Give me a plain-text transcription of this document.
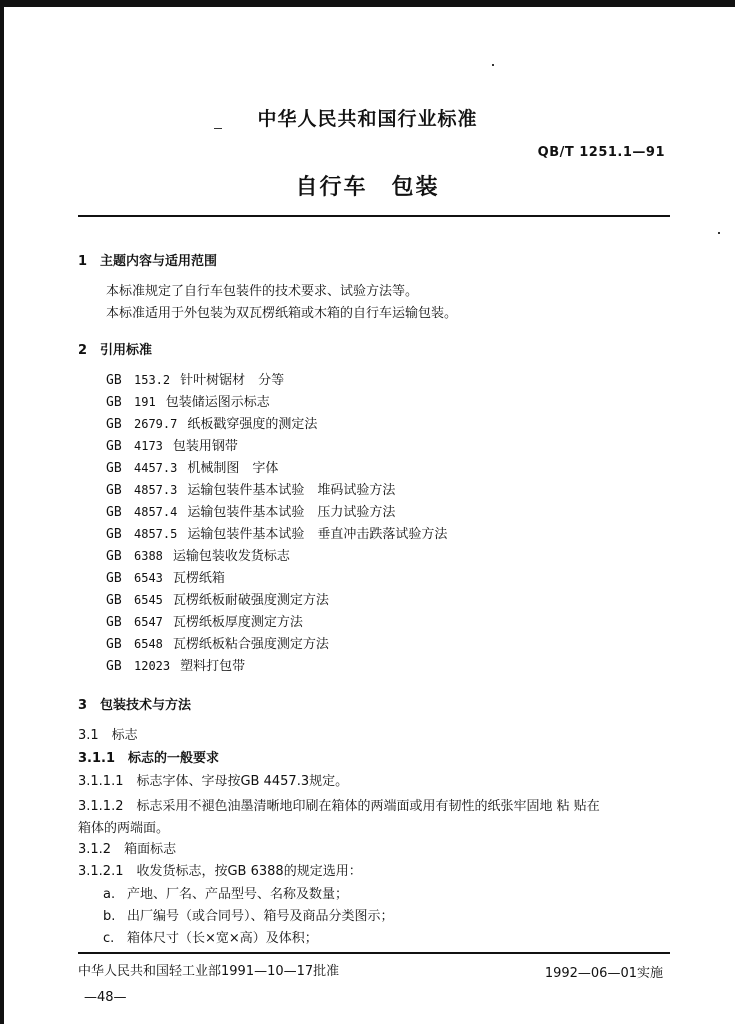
中华人民共和国行业标准
QB/T 1251.1—91
自行车　包装
1　主题内容与适用范围
本标准规定了自行车包装件的技术要求、试验方法等。
本标准适用于外包装为双瓦楞纸箱或木箱的自行车运输包装。
2　引用标准
GB 153.2 针叶树锯材　分等
GB 191 包装储运图示标志
GB 2679.7 纸板戳穿强度的测定法
GB 4173 包装用钢带
GB 4457.3 机械制图　字体
GB 4857.3 运输包装件基本试验　堆码试验方法
GB 4857.4 运输包装件基本试验　压力试验方法
GB 4857.5 运输包装件基本试验　垂直冲击跌落试验方法
GB 6388 运输包装收发货标志
GB 6543 瓦楞纸箱
GB 6545 瓦楞纸板耐破强度测定方法
GB 6547 瓦楞纸板厚度测定方法
GB 6548 瓦楞纸板粘合强度测定方法
GB 12023 塑料打包带
3　包装技术与方法
3.1　标志
3.1.1　标志的一般要求
3.1.1.1　标志字体、字母按GB 4457.3规定。
3.1.1.2　标志采用不褪色油墨清晰地印刷在箱体的两端面或用有韧性的纸张牢固地 粘 贴在
箱体的两端面。
3.1.2　箱面标志
3.1.2.1　收发货标志，按GB 6388的规定选用：
a. 产地、厂名、产品型号、名称及数量；
b. 出厂编号（或合同号）、箱号及商品分类图示；
c. 箱体尺寸（长×宽×高）及体积；
中华人民共和国轻工业部1991—10—17批准	1992—06—01实施
—48—
